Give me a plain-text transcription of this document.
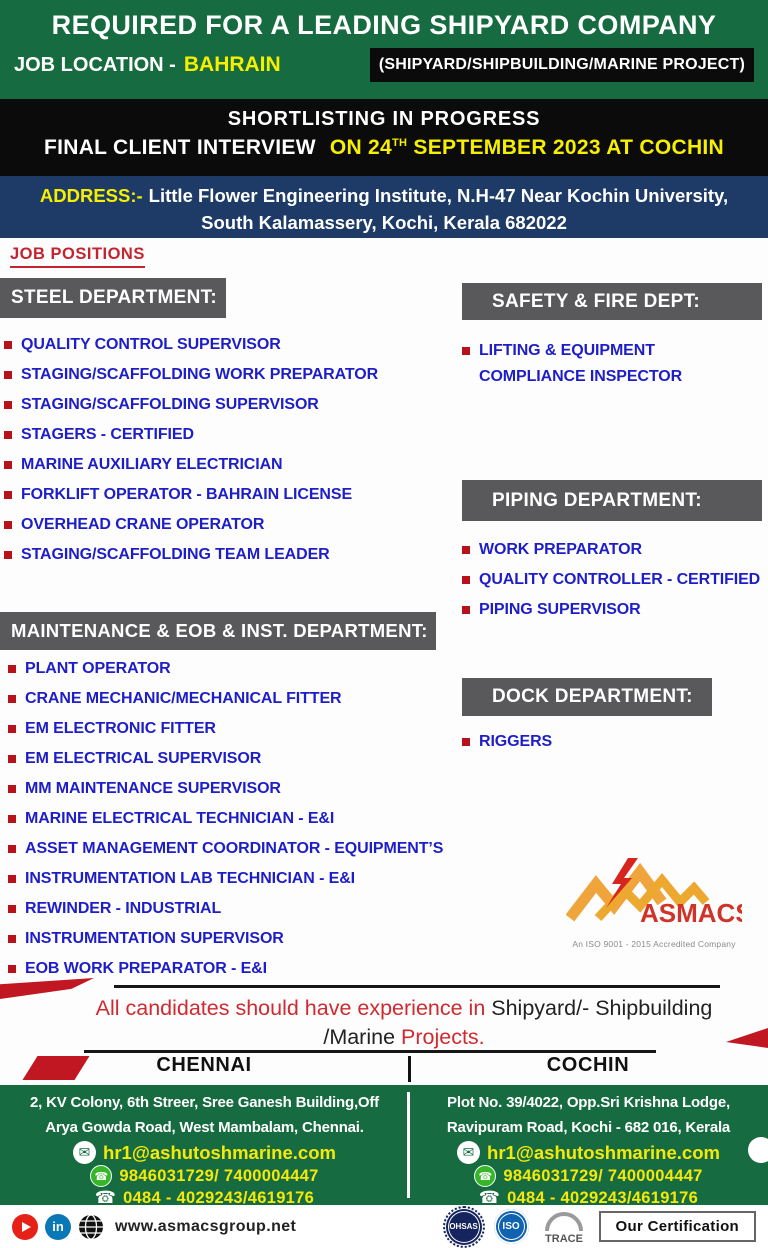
REQUIRED FOR A LEADING SHIPYARD COMPANY
JOB LOCATION - BAHRAIN	(SHIPYARD/SHIPBUILDING/MARINE PROJECT)
SHORTLISTING IN PROGRESS
FINAL CLIENT INTERVIEW ON 24TH SEPTEMBER 2023 AT COCHIN
ADDRESS:- Little Flower Engineering Institute, N.H-47 Near Kochin University, South Kalamassery, Kochi, Kerala 682022
JOB POSITIONS
STEEL DEPARTMENT:
QUALITY CONTROL SUPERVISOR
STAGING/SCAFFOLDING WORK PREPARATOR
STAGING/SCAFFOLDING SUPERVISOR
STAGERS - CERTIFIED
MARINE AUXILIARY ELECTRICIAN
FORKLIFT OPERATOR - BAHRAIN LICENSE
OVERHEAD CRANE OPERATOR
STAGING/SCAFFOLDING TEAM LEADER
MAINTENANCE & EOB & INST. DEPARTMENT:
PLANT OPERATOR
CRANE MECHANIC/MECHANICAL FITTER
EM ELECTRONIC FITTER
EM ELECTRICAL SUPERVISOR
MM MAINTENANCE SUPERVISOR
MARINE ELECTRICAL TECHNICIAN - E&I
ASSET MANAGEMENT COORDINATOR - EQUIPMENT’S
INSTRUMENTATION LAB TECHNICIAN - E&I
REWINDER - INDUSTRIAL
INSTRUMENTATION SUPERVISOR
EOB WORK PREPARATOR - E&I
SAFETY & FIRE DEPT:
LIFTING & EQUIPMENT COMPLIANCE INSPECTOR
PIPING DEPARTMENT:
WORK PREPARATOR
QUALITY CONTROLLER - CERTIFIED
PIPING SUPERVISOR
DOCK DEPARTMENT:
RIGGERS
ASMACS
An ISO 9001 - 2015 Accredited Company
All candidates should have experience in Shipyard/- Shipbuilding /Marine Projects.
CHENNAI	COCHIN
2, KV Colony, 6th Streer, Sree Ganesh Building,Off
Arya Gowda Road, West Mambalam, Chennai.
✉ hr1@ashutoshmarine.com
☎ 9846031729/ 7400004447
☎ 0484 - 4029243/4619176
Plot No. 39/4022, Opp.Sri Krishna Lodge,
Ravipuram Road, Kochi - 682 016, Kerala
✉ hr1@ashutoshmarine.com
☎ 9846031729/ 7400004447
☎ 0484 - 4029243/4619176
in	www.asmacsgroup.net	OHSAS	ISO
TRACE
Our Certification
